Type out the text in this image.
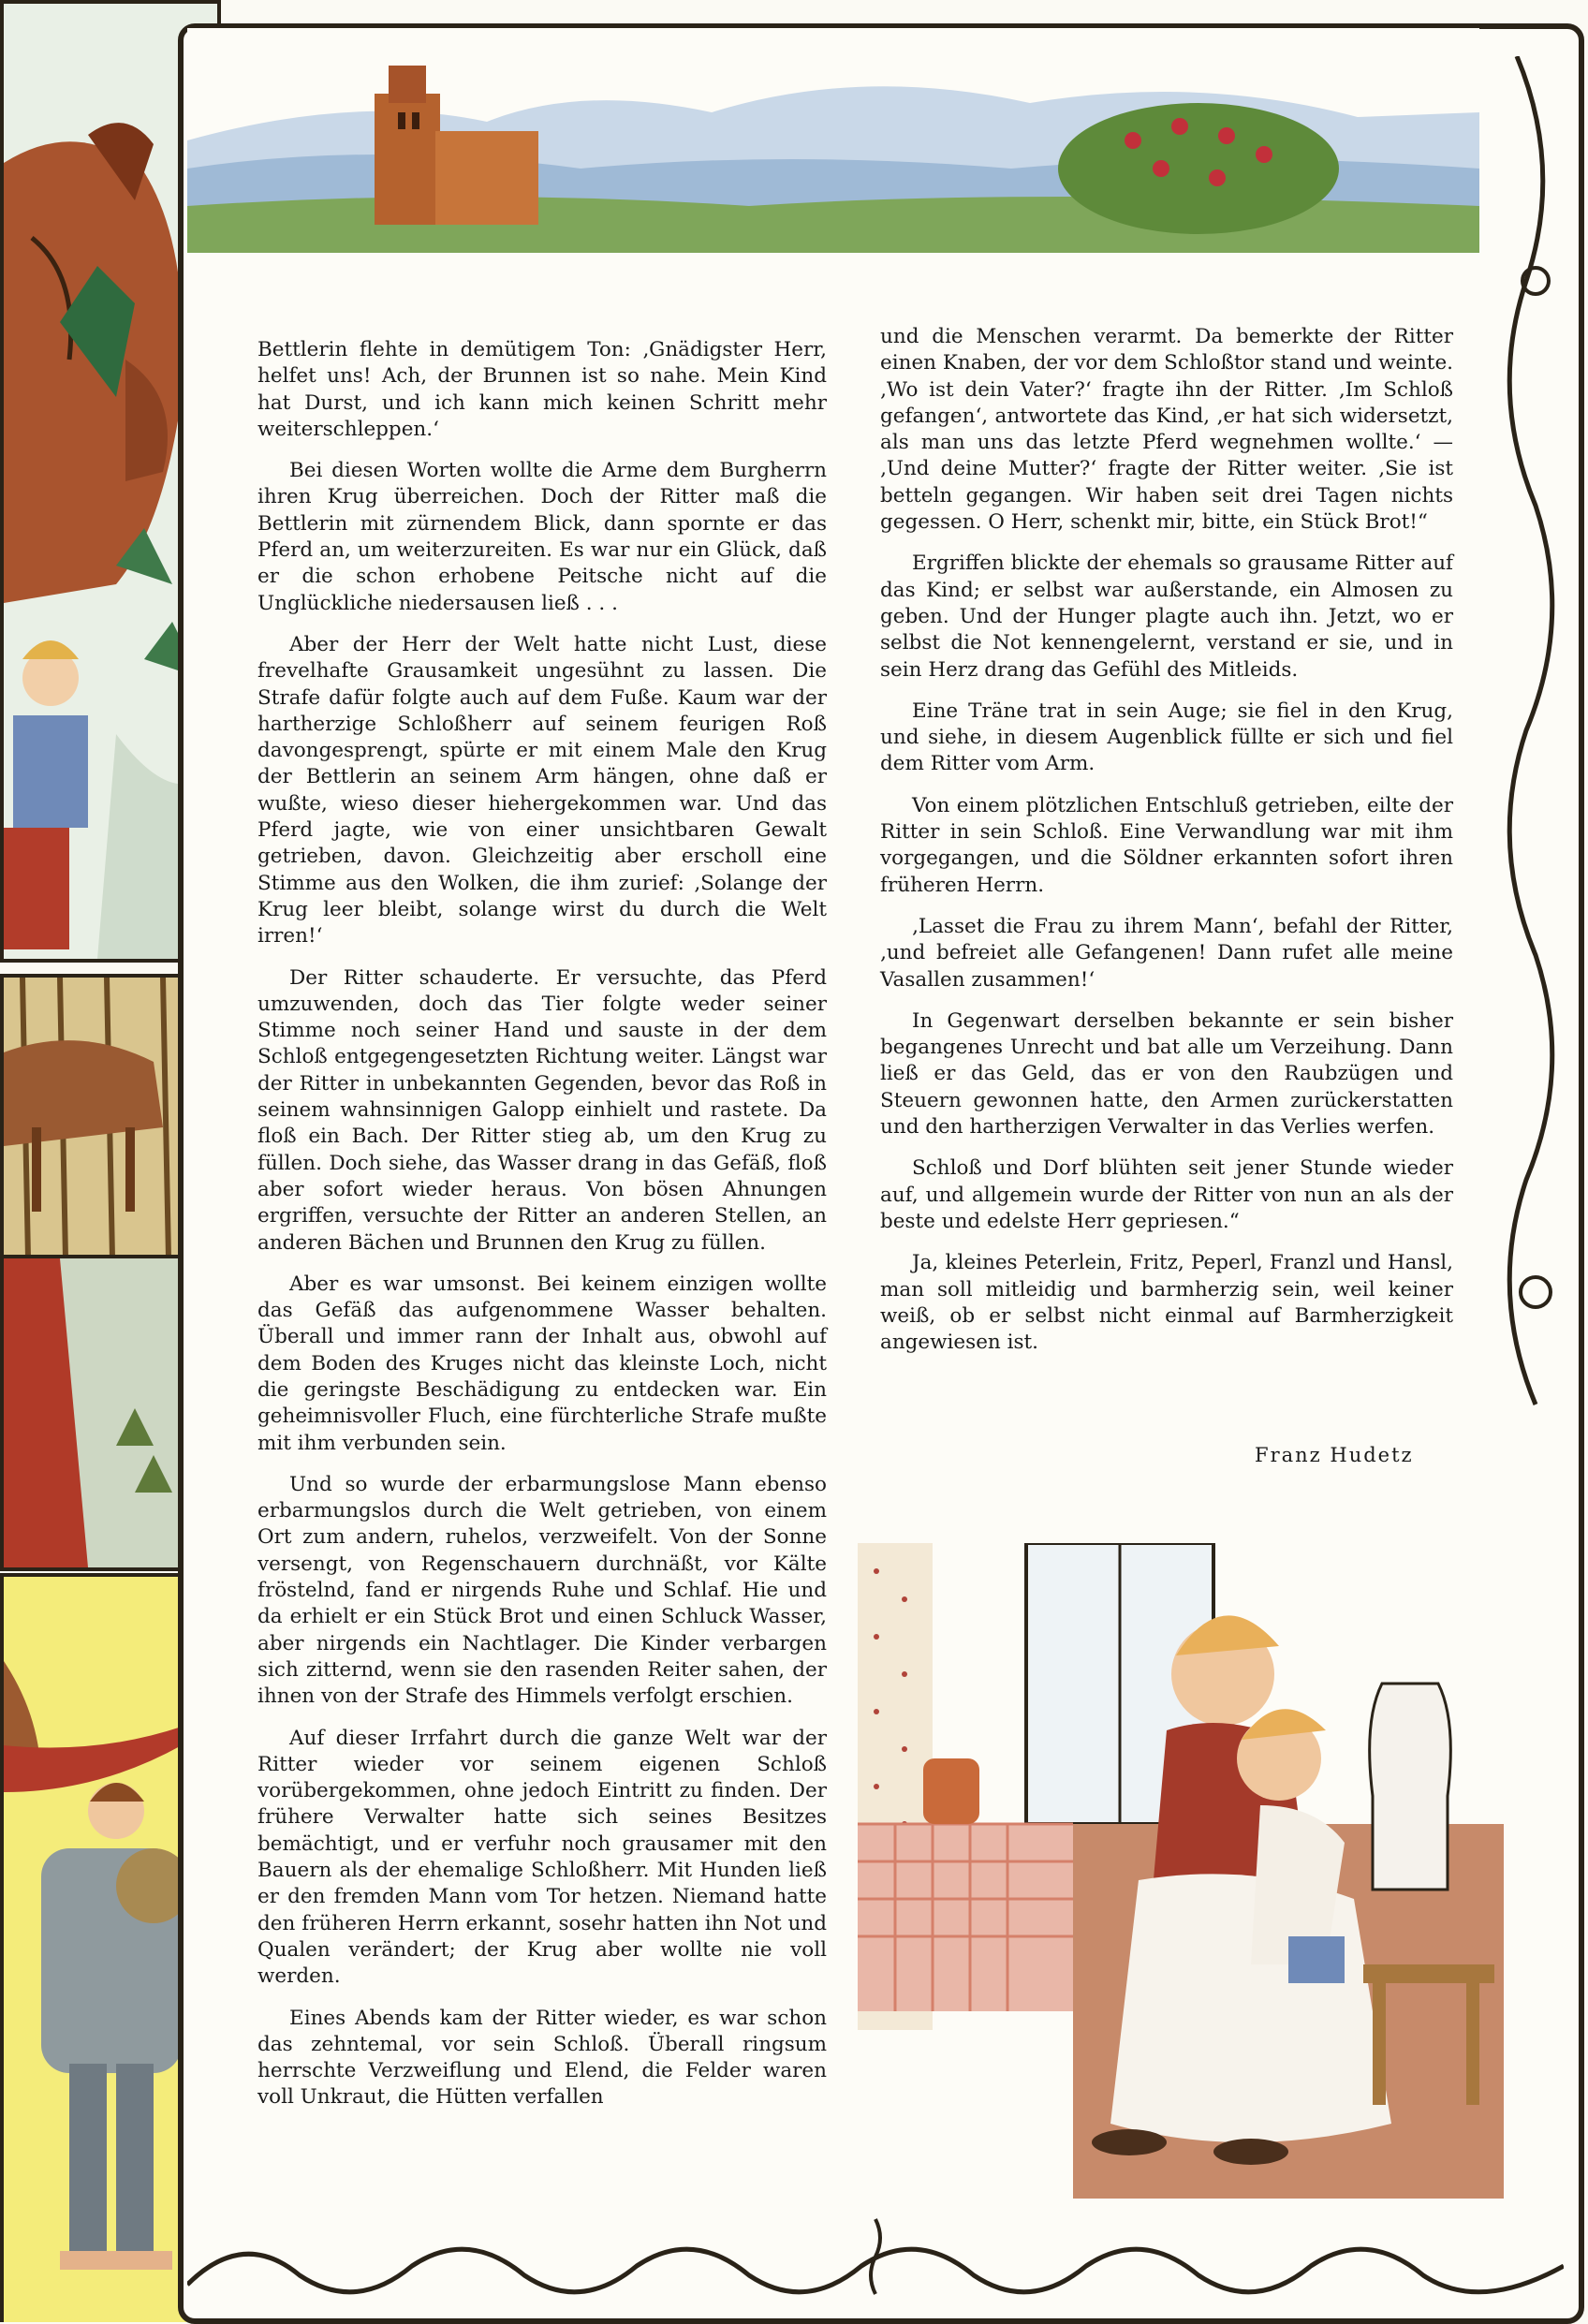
Bettlerin flehte in demütigem Ton: ‚Gnädigster Herr, helfet uns! Ach, der Brunnen ist so nahe. Mein Kind hat Durst, und ich kann mich keinen Schritt mehr weiterschleppen.‘

Bei diesen Worten wollte die Arme dem Burgherrn ihren Krug überreichen. Doch der Ritter maß die Bettlerin mit zürnendem Blick, dann spornte er das Pferd an, um weiterzureiten. Es war nur ein Glück, daß er die schon erhobene Peitsche nicht auf die Unglückliche niedersausen ließ . . .

Aber der Herr der Welt hatte nicht Lust, diese frevelhafte Grausamkeit ungesühnt zu lassen. Die Strafe dafür folgte auch auf dem Fuße. Kaum war der hartherzige Schloßherr auf seinem feurigen Roß davongesprengt, spürte er mit einem Male den Krug der Bettlerin an seinem Arm hängen, ohne daß er wußte, wieso dieser hiehergekommen war. Und das Pferd jagte, wie von einer unsichtbaren Gewalt getrieben, davon. Gleichzeitig aber erscholl eine Stimme aus den Wolken, die ihm zurief: ‚Solange der Krug leer bleibt, solange wirst du durch die Welt irren!‘

Der Ritter schauderte. Er versuchte, das Pferd umzuwenden, doch das Tier folgte weder seiner Stimme noch seiner Hand und sauste in der dem Schloß entgegengesetzten Richtung weiter. Längst war der Ritter in unbekannten Gegenden, bevor das Roß in seinem wahnsinnigen Galopp einhielt und rastete. Da floß ein Bach. Der Ritter stieg ab, um den Krug zu füllen. Doch siehe, das Wasser drang in das Gefäß, floß aber sofort wieder heraus. Von bösen Ahnungen ergriffen, versuchte der Ritter an anderen Stellen, an anderen Bächen und Brunnen den Krug zu füllen.

Aber es war umsonst. Bei keinem einzigen wollte das Gefäß das aufgenommene Wasser behalten. Überall und immer rann der Inhalt aus, obwohl auf dem Boden des Kruges nicht das kleinste Loch, nicht die geringste Beschädigung zu entdecken war. Ein geheimnisvoller Fluch, eine fürchterliche Strafe mußte mit ihm verbunden sein.

Und so wurde der erbarmungslose Mann ebenso erbarmungslos durch die Welt getrieben, von einem Ort zum andern, ruhelos, verzweifelt. Von der Sonne versengt, von Regenschauern durchnäßt, vor Kälte fröstelnd, fand er nirgends Ruhe und Schlaf. Hie und da erhielt er ein Stück Brot und einen Schluck Wasser, aber nirgends ein Nachtlager. Die Kinder verbargen sich zitternd, wenn sie den rasenden Reiter sahen, der ihnen von der Strafe des Himmels verfolgt erschien.

Auf dieser Irrfahrt durch die ganze Welt war der Ritter wieder vor seinem eigenen Schloß vorübergekommen, ohne jedoch Eintritt zu finden. Der frühere Verwalter hatte sich seines Besitzes bemächtigt, und er verfuhr noch grausamer mit den Bauern als der ehemalige Schloßherr. Mit Hunden ließ er den fremden Mann vom Tor hetzen. Niemand hatte den früheren Herrn erkannt, sosehr hatten ihn Not und Qualen verändert; der Krug aber wollte nie voll werden.

Eines Abends kam der Ritter wieder, es war schon das zehntemal, vor sein Schloß. Überall ringsum herrschte Verzweiflung und Elend, die Felder waren voll Unkraut, die Hütten verfallen

und die Menschen verarmt. Da bemerkte der Ritter einen Knaben, der vor dem Schloßtor stand und weinte. ‚Wo ist dein Vater?‘ fragte ihn der Ritter. ‚Im Schloß gefangen‘, antwortete das Kind, ‚er hat sich widersetzt, als man uns das letzte Pferd wegnehmen wollte.‘ — ‚Und deine Mutter?‘ fragte der Ritter weiter. ‚Sie ist betteln gegangen. Wir haben seit drei Tagen nichts gegessen. O Herr, schenkt mir, bitte, ein Stück Brot!“

Ergriffen blickte der ehemals so grausame Ritter auf das Kind; er selbst war außerstande, ein Almosen zu geben. Und der Hunger plagte auch ihn. Jetzt, wo er selbst die Not kennengelernt, verstand er sie, und in sein Herz drang das Gefühl des Mitleids.

Eine Träne trat in sein Auge; sie fiel in den Krug, und siehe, in diesem Augenblick füllte er sich und fiel dem Ritter vom Arm.

Von einem plötzlichen Entschluß getrieben, eilte der Ritter in sein Schloß. Eine Verwandlung war mit ihm vorgegangen, und die Söldner erkannten sofort ihren früheren Herrn.

‚Lasset die Frau zu ihrem Mann‘, befahl der Ritter, ‚und befreiet alle Gefangenen! Dann rufet alle meine Vasallen zusammen!‘

In Gegenwart derselben bekannte er sein bisher begangenes Unrecht und bat alle um Verzeihung. Dann ließ er das Geld, das er von den Raubzügen und Steuern gewonnen hatte, den Armen zurückerstatten und den hartherzigen Verwalter in das Verlies werfen.

Schloß und Dorf blühten seit jener Stunde wieder auf, und allgemein wurde der Ritter von nun an als der beste und edelste Herr gepriesen.“

Ja, kleines Peterlein, Fritz, Peperl, Franzl und Hansl, man soll mitleidig und barmherzig sein, weil keiner weiß, ob er selbst nicht einmal auf Barmherzigkeit angewiesen ist.

Franz Hudetz
